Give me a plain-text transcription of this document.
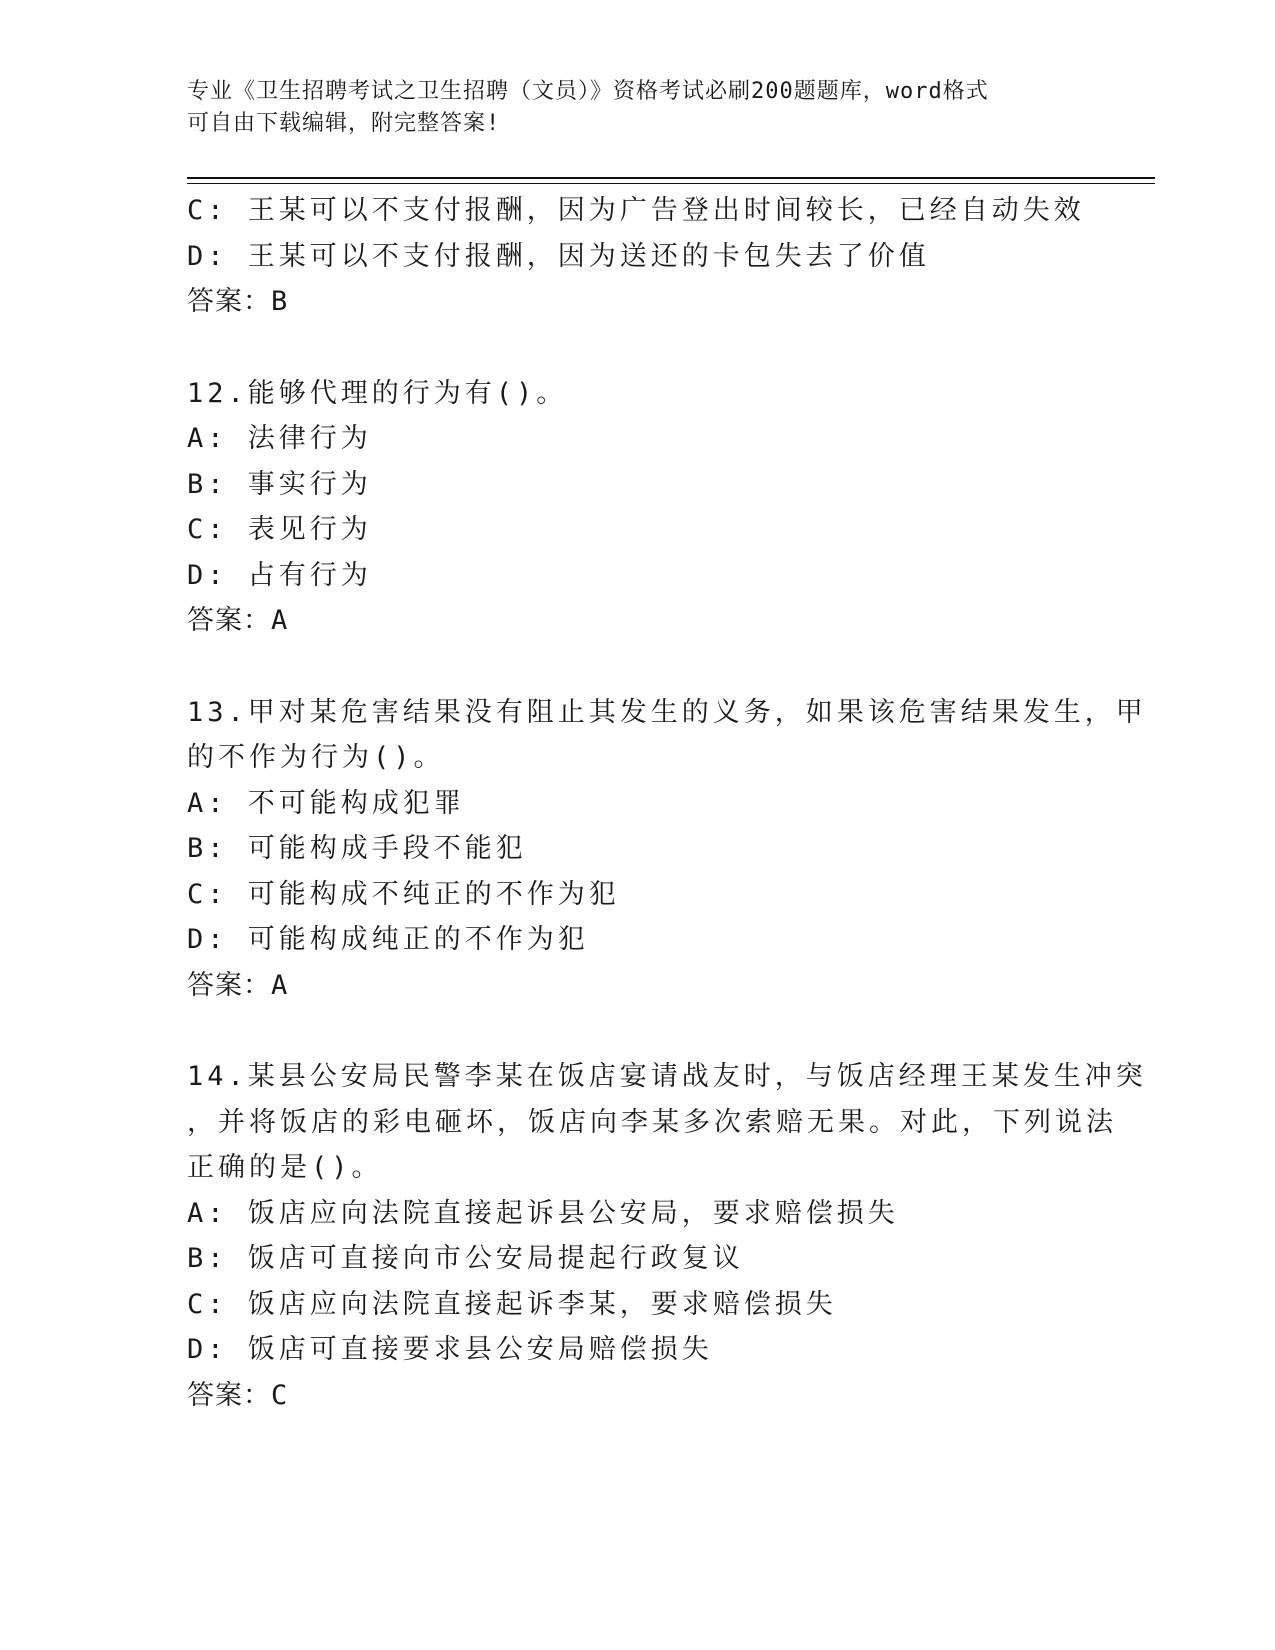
专业《卫生招聘考试之卫生招聘（文员）》资格考试必刷200题题库，word格式
可自由下载编辑，附完整答案!
C: 王某可以不支付报酬，因为广告登出时间较长，已经自动失效
D: 王某可以不支付报酬，因为送还的卡包失去了价值
答案：B
12.能够代理的行为有()。
A: 法律行为
B: 事实行为
C: 表见行为
D: 占有行为
答案：A
13.甲对某危害结果没有阻止其发生的义务，如果该危害结果发生，甲
的不作为行为()。
A: 不可能构成犯罪
B: 可能构成手段不能犯
C: 可能构成不纯正的不作为犯
D: 可能构成纯正的不作为犯
答案：A
14.某县公安局民警李某在饭店宴请战友时，与饭店经理王某发生冲突
，并将饭店的彩电砸坏，饭店向李某多次索赔无果。对此，下列说法
正确的是()。
A: 饭店应向法院直接起诉县公安局，要求赔偿损失
B: 饭店可直接向市公安局提起行政复议
C: 饭店应向法院直接起诉李某，要求赔偿损失
D: 饭店可直接要求县公安局赔偿损失
答案：C
